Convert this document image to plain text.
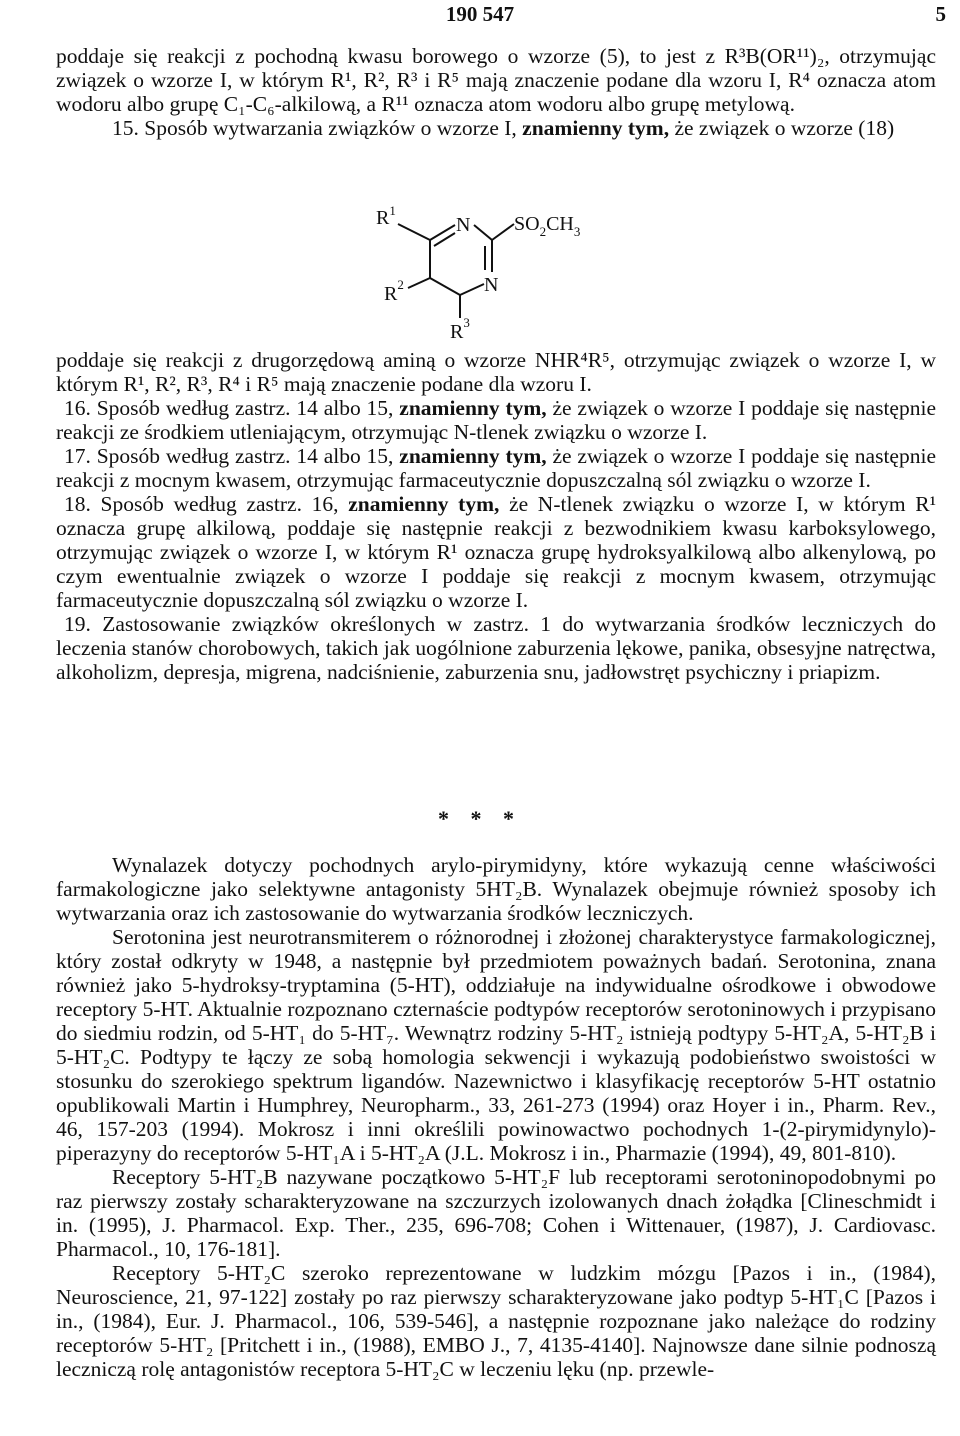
190 547	5

poddaje się reakcji z pochodną kwasu borowego o wzorze (5), to jest z R³B(OR¹¹)₂, otrzymując związek o wzorze I, w którym R¹, R², R³ i R⁵ mają znaczenie podane dla wzoru I, R⁴ oznacza atom wodoru albo grupę C₁-C₆-alkilową, a R¹¹ oznacza atom wodoru albo grupę metylową.

15. Sposób wytwarzania związków o wzorze I, znamienny tym, że związek o wzorze (18)

$R^1$
N $SO_2CH_3$
N
$R^2$
$R^3$

poddaje się reakcji z drugorzędową aminą o wzorze NHR⁴R⁵, otrzymując związek o wzorze I, w którym R¹, R², R³, R⁴ i R⁵ mają znaczenie podane dla wzoru I.

16. Sposób według zastrz. 14 albo 15, znamienny tym, że związek o wzorze I poddaje się następnie reakcji ze środkiem utleniającym, otrzymując N-tlenek związku o wzorze I.

17. Sposób według zastrz. 14 albo 15, znamienny tym, że związek o wzorze I poddaje się następnie reakcji z mocnym kwasem, otrzymując farmaceutycznie dopuszczalną sól związku o wzorze I.

18. Sposób według zastrz. 16, znamienny tym, że N-tlenek związku o wzorze I, w którym R¹ oznacza grupę alkilową, poddaje się następnie reakcji z bezwodnikiem kwasu karboksylowego, otrzymując związek o wzorze I, w którym R¹ oznacza grupę hydroksyalkilową albo alkenylową, po czym ewentualnie związek o wzorze I poddaje się reakcji z mocnym kwasem, otrzymując farmaceutycznie dopuszczalną sól związku o wzorze I.

19. Zastosowanie związków określonych w zastrz. 1 do wytwarzania środków leczniczych do leczenia stanów chorobowych, takich jak uogólnione zaburzenia lękowe, panika, obsesyjne natręctwa, alkoholizm, depresja, migrena, nadciśnienie, zaburzenia snu, jadłowstręt psychiczny i priapizm.

* * *

Wynalazek dotyczy pochodnych arylo-pirymidyny, które wykazują cenne właściwości farmakologiczne jako selektywne antagonisty 5HT₂B. Wynalazek obejmuje również sposoby ich wytwarzania oraz ich zastosowanie do wytwarzania środków leczniczych.

Serotonina jest neurotransmiterem o różnorodnej i złożonej charakterystyce farmakologicznej, który został odkryty w 1948, a następnie był przedmiotem poważnych badań. Serotonina, znana również jako 5-hydroksy-tryptamina (5-HT), oddziałuje na indywidualne ośrodkowe i obwodowe receptory 5-HT. Aktualnie rozpoznano czternaście podtypów receptorów serotoninowych i przypisano do siedmiu rodzin, od 5-HT₁ do 5-HT₇. Wewnątrz rodziny 5-HT₂ istnieją podtypy 5-HT₂A, 5-HT₂B i 5-HT₂C. Podtypy te łączy ze sobą homologia sekwencji i wykazują podobieństwo swoistości w stosunku do szerokiego spektrum ligandów. Nazewnictwo i klasyfikację receptorów 5-HT ostatnio opublikowali Martin i Humphrey, Neuropharm., 33, 261-273 (1994) oraz Hoyer i in., Pharm. Rev., 46, 157-203 (1994). Mokrosz i inni określili powinowactwo pochodnych 1-(2-pirymidynylo)-piperazyny do receptorów 5-HT₁A i 5-HT₂A (J.L. Mokrosz i in., Pharmazie (1994), 49, 801-810).

Receptory 5-HT₂B nazywane początkowo 5-HT₂F lub receptorami serotoninopodobnymi po raz pierwszy zostały scharakteryzowane na szczurzych izolowanych dnach żołądka [Clineschmidt i in. (1995), J. Pharmacol. Exp. Ther., 235, 696-708; Cohen i Wittenauer, (1987), J. Cardiovasc. Pharmacol., 10, 176-181].

Receptory 5-HT₂C szeroko reprezentowane w ludzkim mózgu [Pazos i in., (1984), Neuroscience, 21, 97-122] zostały po raz pierwszy scharakteryzowane jako podtyp 5-HT₁C [Pazos i in., (1984), Eur. J. Pharmacol., 106, 539-546], a następnie rozpoznane jako należące do rodziny receptorów 5-HT₂ [Pritchett i in., (1988), EMBO J., 7, 4135-4140]. Najnowsze dane silnie podnoszą leczniczą rolę antagonistów receptora 5-HT₂C w leczeniu lęku (np. przewle-
